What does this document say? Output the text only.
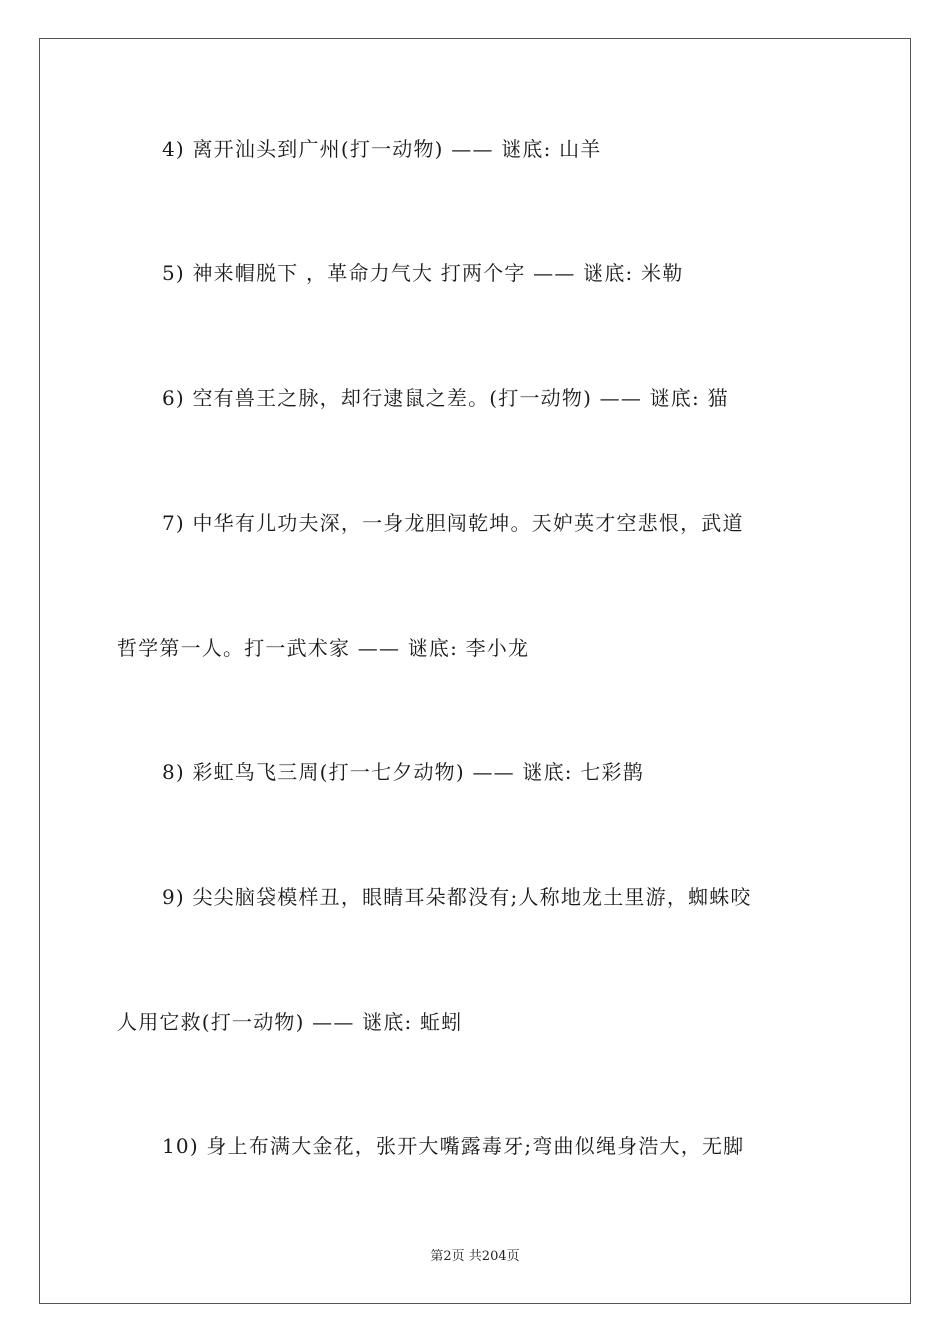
4) 离开汕头到广州(打一动物) —— 谜底: 山羊
5) 神来帽脱下 ，革命力气大 打两个字 —— 谜底: 米勒
6) 空有兽王之脉，却行逮鼠之差。(打一动物) —— 谜底: 猫
7) 中华有儿功夫深，一身龙胆闯乾坤。天妒英才空悲恨，武道
哲学第一人。打一武术家 —— 谜底: 李小龙
8) 彩虹鸟飞三周(打一七夕动物) —— 谜底: 七彩鹊
9) 尖尖脑袋模样丑，眼睛耳朵都没有;人称地龙土里游，蜘蛛咬
人用它救(打一动物) —— 谜底: 蚯蚓
10) 身上布满大金花，张开大嘴露毒牙;弯曲似绳身浩大，无脚
第2页 共204页
